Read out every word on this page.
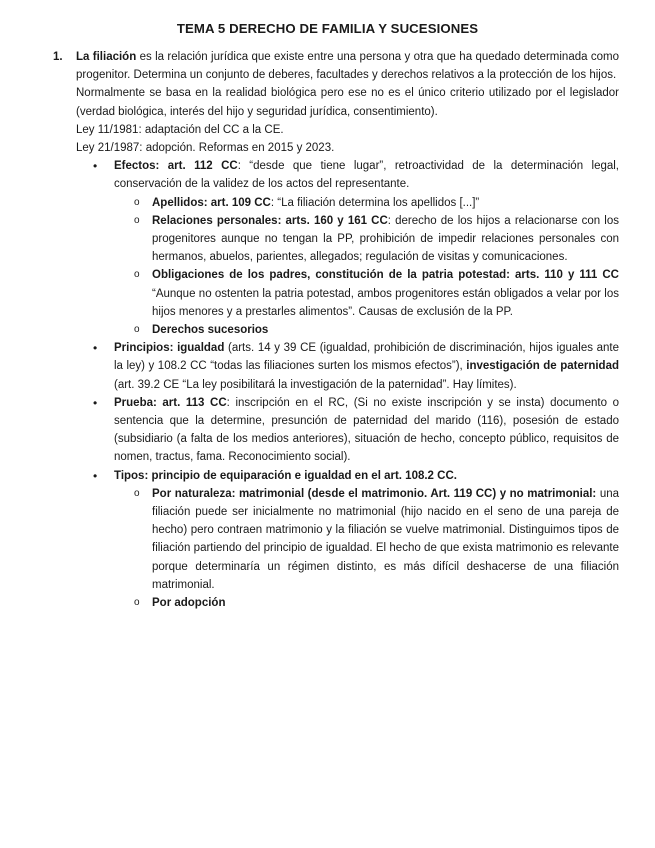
TEMA 5 DERECHO DE FAMILIA Y SUCESIONES
1. La filiación es la relación jurídica que existe entre una persona y otra que ha quedado determinada como progenitor. Determina un conjunto de deberes, facultades y derechos relativos a la protección de los hijos.

Normalmente se basa en la realidad biológica pero ese no es el único criterio utilizado por el legislador (verdad biológica, interés del hijo y seguridad jurídica, consentimiento).

Ley 11/1981: adaptación del CC a la CE.

Ley 21/1987: adopción. Reformas en 2015 y 2023.

• Efectos: art. 112 CC: “desde que tiene lugar”, retroactividad de la determinación legal, conservación de la validez de los actos del representante.

o Apellidos: art. 109 CC: “La filiación determina los apellidos [...]”

o Relaciones personales: arts. 160 y 161 CC: derecho de los hijos a relacionarse con los progenitores aunque no tengan la PP, prohibición de impedir relaciones personales con hermanos, abuelos, parientes, allegados; regulación de visitas y comunicaciones.

o Obligaciones de los padres, constitución de la patria potestad: arts. 110 y 111 CC “Aunque no ostenten la patria potestad, ambos progenitores están obligados a velar por los hijos menores y a prestarles alimentos”. Causas de exclusión de la PP.

o Derechos sucesorios

• Principios: igualdad (arts. 14 y 39 CE (igualdad, prohibición de discriminación, hijos iguales ante la ley) y 108.2 CC “todas las filiaciones surten los mismos efectos”), investigación de paternidad (art. 39.2 CE “La ley posibilitará la investigación de la paternidad”. Hay límites).

• Prueba: art. 113 CC: inscripción en el RC, (Si no existe inscripción y se insta) documento o sentencia que la determine, presunción de paternidad del marido (116), posesión de estado (subsidiario (a falta de los medios anteriores), situación de hecho, concepto público, requisitos de nomen, tractus, fama. Reconocimiento social).

• Tipos: principio de equiparación e igualdad en el art. 108.2 CC.

o Por naturaleza: matrimonial (desde el matrimonio. Art. 119 CC) y no matrimonial: una filiación puede ser inicialmente no matrimonial (hijo nacido en el seno de una pareja de hecho) pero contraen matrimonio y la filiación se vuelve matrimonial. Distinguimos tipos de filiación partiendo del principio de igualdad. El hecho de que exista matrimonio es relevante porque determinaría un régimen distinto, es más difícil deshacerse de una filiación matrimonial.

o Por adopción
